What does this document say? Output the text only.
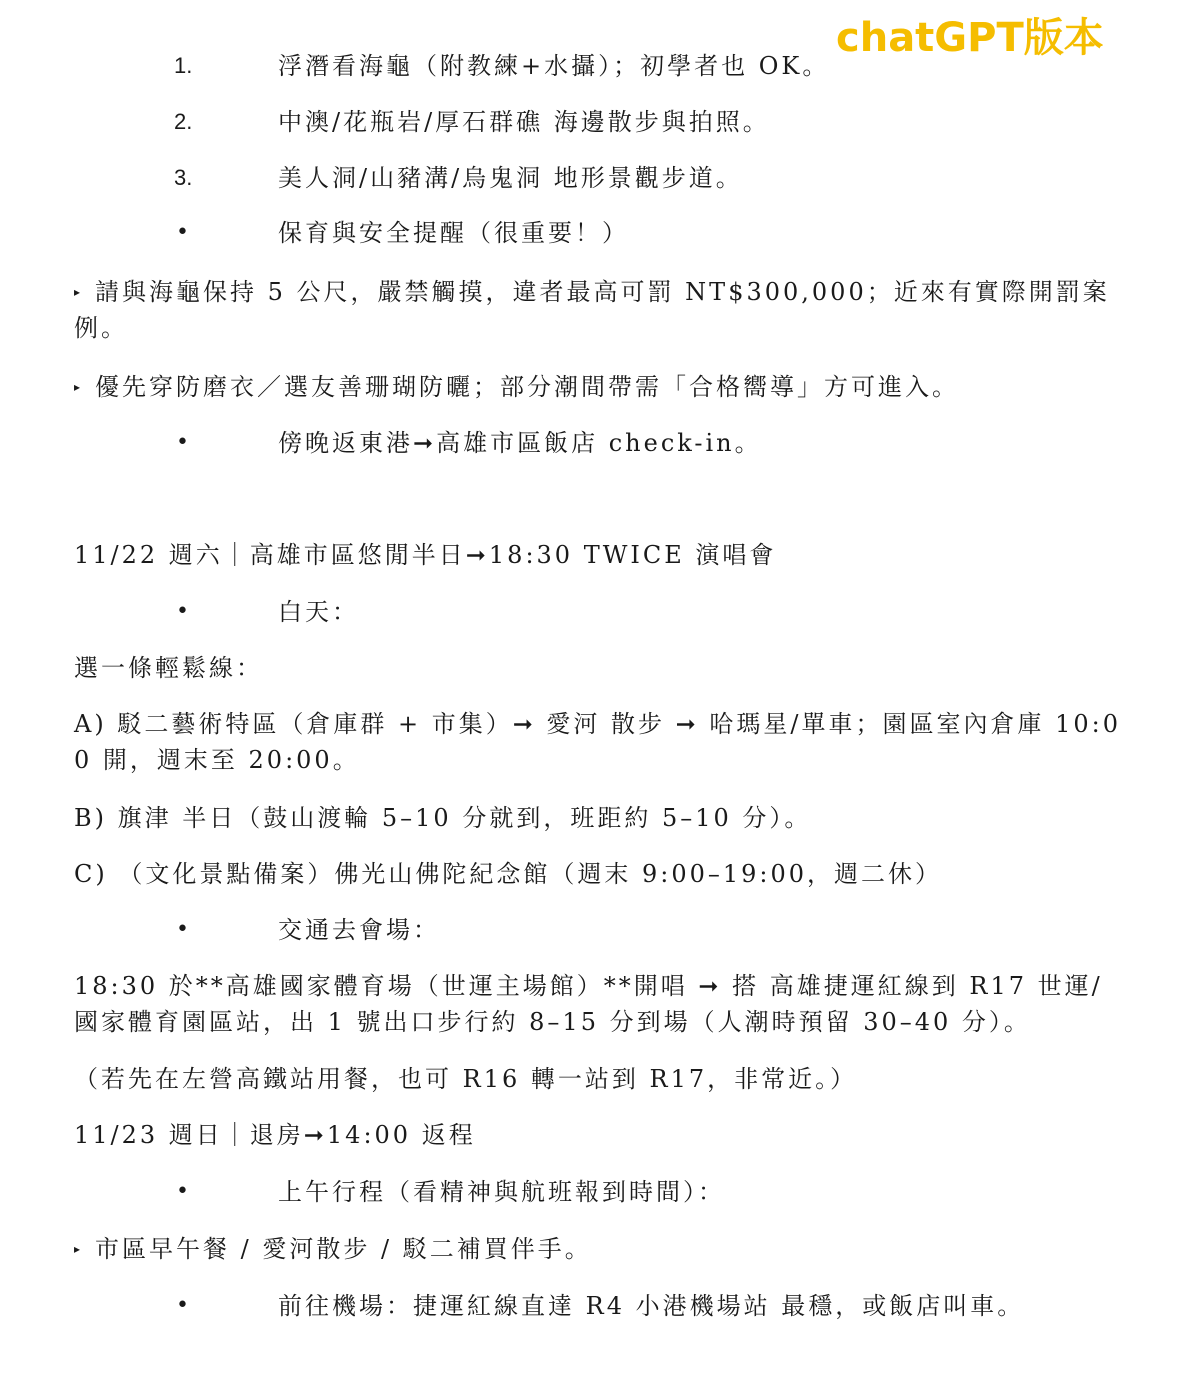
chatGPT版本
1.	浮潛看海龜（附教練+水攝）；初學者也 OK。
2.	中澳/花瓶岩/厚石群礁 海邊散步與拍照。
3.	美人洞/山豬溝/烏鬼洞 地形景觀步道。
•	保育與安全提醒（很重要！）
▸ 請與海龜保持 5 公尺，嚴禁觸摸，違者最高可罰 NT$300,000；近來有實際開罰案例。
▸ 優先穿防磨衣／選友善珊瑚防曬；部分潮間帶需「合格嚮導」方可進入。
•	傍晚返東港➞高雄市區飯店 check-in。
11/22 週六｜高雄市區悠閒半日➞18:30 TWICE 演唱會
•	白天：
選一條輕鬆線：
A) 駁二藝術特區（倉庫群 + 市集）➞ 愛河 散步 ➞ 哈瑪星/單車；園區室內倉庫 10:00 開，週末至 20:00。
B) 旗津 半日（鼓山渡輪 5–10 分就到，班距約 5–10 分）。
C) （文化景點備案）佛光山佛陀紀念館（週末 9:00–19:00，週二休）
•	交通去會場：
18:30 於**高雄國家體育場（世運主場館）**開唱 ➞ 搭 高雄捷運紅線到 R17 世運/國家體育園區站，出 1 號出口步行約 8–15 分到場（人潮時預留 30–40 分）。
（若先在左營高鐵站用餐，也可 R16 轉一站到 R17，非常近。）
11/23 週日｜退房➞14:00 返程
•	上午行程（看精神與航班報到時間）：
▸ 市區早午餐 / 愛河散步 / 駁二補買伴手。
•	前往機場：捷運紅線直達 R4 小港機場站 最穩，或飯店叫車。
